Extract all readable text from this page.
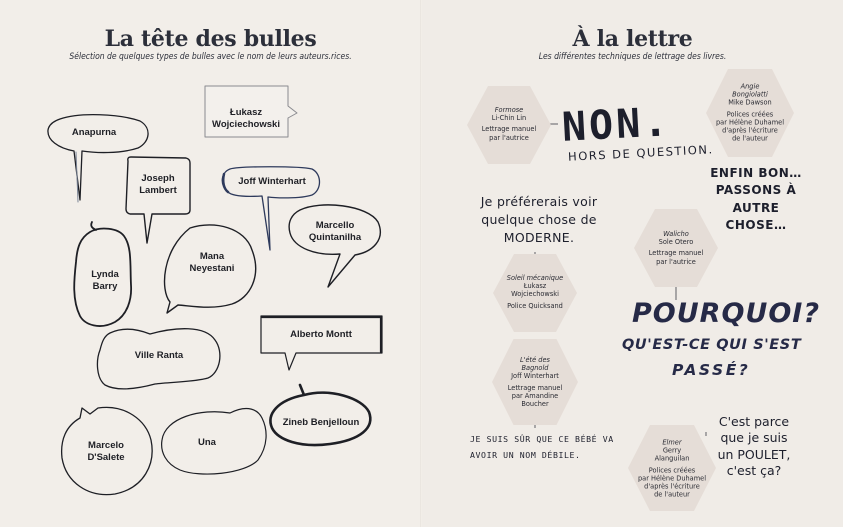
La tête des bulles
Sélection de quelques types de bulles avec le nom de leurs auteurs.rices.
Anapurna
Łukasz
Wojciechowski
Joseph
Lambert
Joff Winterhart
Marcello
Quintanilha
Lynda
Barry
Mana
Neyestani
Alberto Montt
Ville Ranta
Zineb Benjelloun
Marcelo
D'Salete
Una
À la lettre
Les différentes techniques de lettrage des livres.
Formose
Li-Chin Lin
Lettrage manuel
par l'autrice
Angie
Bongiolatti
Mike Dawson
Polices créées
par Hélène Duhamel
d'après l'écriture
de l'auteur
Walicho
Sole Otero
Lettrage manuel
par l'autrice
Soleil mécanique
Łukasz
Wojciechowski
Police Quicksand
L'été des
Bagnold
Joff Winterhart
Lettrage manuel
par Amandine
Boucher
Elmer
Gerry
Alanguilan
Polices créées
par Hélène Duhamel
d'après l'écriture
de l'auteur
NON.
HORS DE QUESTION.
ENFIN BON…
PASSONS À AUTRE
CHOSE…
Je préférerais voir
quelque chose de
MODERNE.
POURQUOI?
QU'EST-CE QUI S'EST
PASSÉ?
JE SUIS SÛR QUE CE BÉBÉ VA
AVOIR UN NOM DÉBILE.
C'est parce
que je suis
un POULET,
c'est ça?
